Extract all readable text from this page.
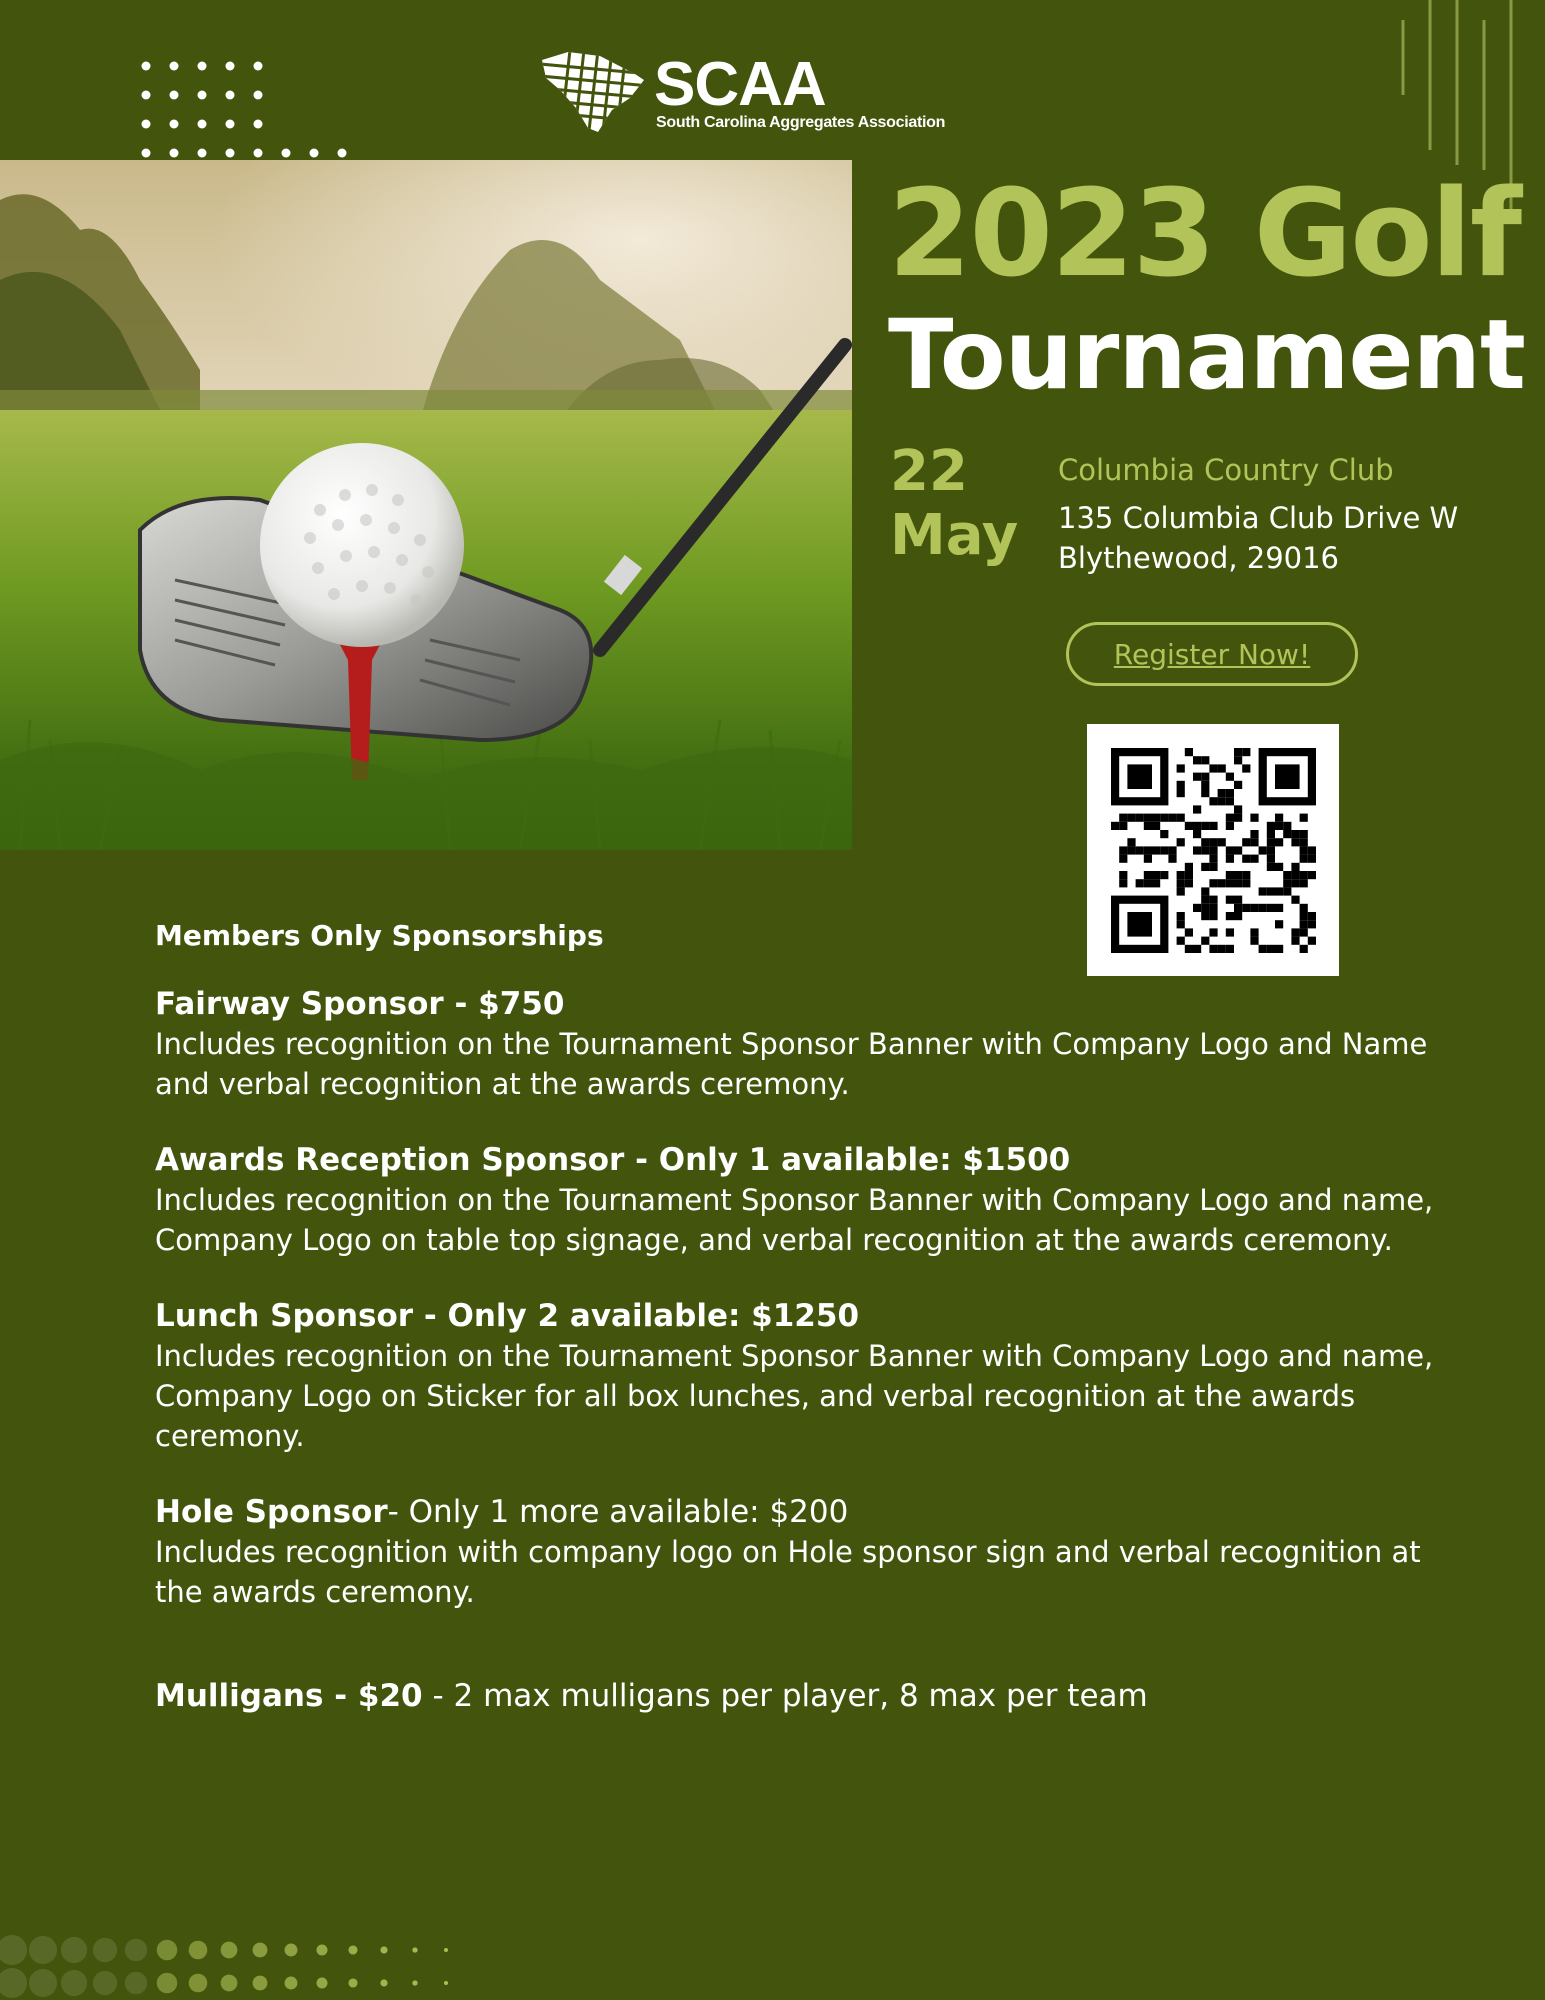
SCAA
South Carolina Aggregates Association
2023 Golf
Tournament
22
May
Columbia Country Club
135 Columbia Club Drive W
Blythewood, 29016
Register Now!
Members Only Sponsorships
Fairway Sponsor - $750
Includes recognition on the Tournament Sponsor Banner with Company Logo and Name and verbal recognition at the awards ceremony.
Awards Reception Sponsor - Only 1 available: $1500
Includes recognition on the Tournament Sponsor Banner with Company Logo and name, Company Logo on table top signage, and verbal recognition at the awards ceremony.
Lunch Sponsor - Only 2 available: $1250
Includes recognition on the Tournament Sponsor Banner with Company Logo and name, Company Logo on Sticker for all box lunches, and verbal recognition at the awards ceremony.
Hole Sponsor- Only 1 more available: $200
Includes recognition with company logo on Hole sponsor sign and verbal recognition at the awards ceremony.
Mulligans - $20 - 2 max mulligans per player, 8 max per team
